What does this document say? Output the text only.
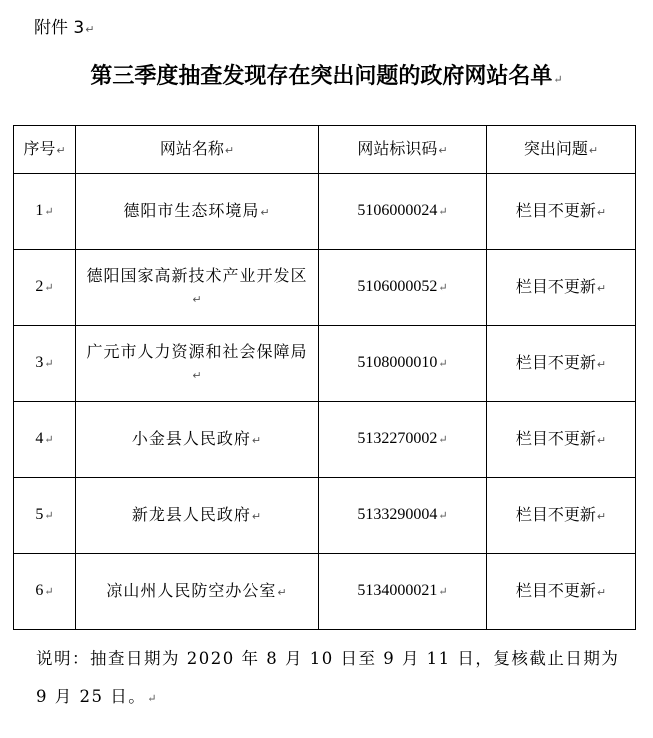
附件 3↵
第三季度抽查发现存在突出问题的政府网站名单↵
序号↵	网站名称↵	网站标识码↵	突出问题↵
1↵	德阳市生态环境局↵	5106000024↵	栏目不更新↵
2↵	德阳国家高新技术产业开发区↵	5106000052↵	栏目不更新↵
3↵	广元市人力资源和社会保障局↵	5108000010↵	栏目不更新↵
4↵	小金县人民政府↵	5132270002↵	栏目不更新↵
5↵	新龙县人民政府↵	5133290004↵	栏目不更新↵
6↵	凉山州人民防空办公室↵	5134000021↵	栏目不更新↵
说明：抽查日期为 2020 年 8 月 10 日至 9 月 11 日，复核截止日期为 9 月 25 日。↵
